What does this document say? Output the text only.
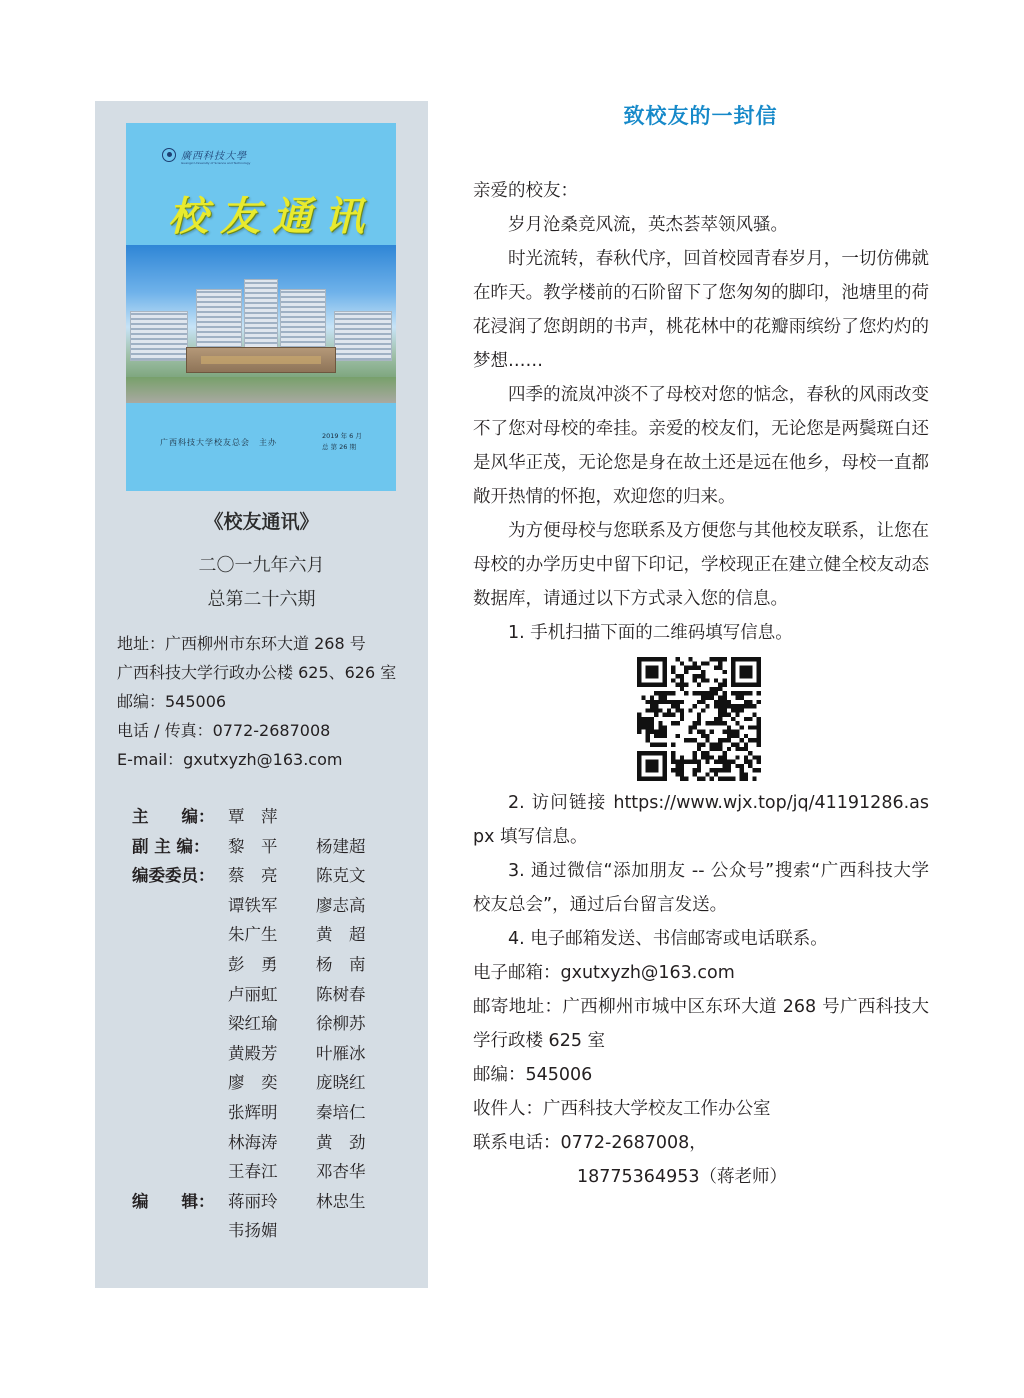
廣西科技大學
Guangxi University of Science and Technology
校友通讯
广西科技大学校友总会　主办
2019 年 6 月
总 第 26 期
《校友通讯》
二〇一九年六月
总第二十六期
地址：广西柳州市东环大道 268 号
广西科技大学行政办公楼 625、626 室
邮编：545006
电话 / 传真：0772-2687008
E-mail：gxutxyzh@163.com
主　　编： 覃　萍
副 主 编：	黎　平	杨建超
编委委员： 蔡　亮	陈克文
谭铁军	廖志高
朱广生	黄　超
彭　勇	杨　南
卢丽虹	陈树春
梁红瑜	徐柳苏
黄殿芳	叶雁冰
廖　奕	庞晓红
张辉明	秦培仁
林海涛	黄　劲
王春江	邓杏华
编　　辑： 蒋丽玲	林忠生
韦扬媚
致校友的一封信

亲爱的校友：

岁月沧桑竞风流，英杰荟萃领风骚。

时光流转，春秋代序，回首校园青春岁月，一切仿佛就在昨天。教学楼前的石阶留下了您匆匆的脚印，池塘里的荷花浸润了您朗朗的书声，桃花林中的花瓣雨缤纷了您灼灼的梦想……

四季的流岚冲淡不了母校对您的惦念，春秋的风雨改变不了您对母校的牵挂。亲爱的校友们，无论您是两鬓斑白还是风华正茂，无论您是身在故土还是远在他乡，母校一直都敞开热情的怀抱，欢迎您的归来。

为方便母校与您联系及方便您与其他校友联系，让您在母校的办学历史中留下印记，学校现正在建立健全校友动态数据库，请通过以下方式录入您的信息。

1. 手机扫描下面的二维码填写信息。

2. 访问链接 https://www.wjx.top/jq/41191286.aspx 填写信息。

3. 通过微信“添加朋友 -- 公众号”搜索“广西科技大学校友总会”，通过后台留言发送。

4. 电子邮箱发送、书信邮寄或电话联系。

电子邮箱：gxutxyzh@163.com

邮寄地址：广西柳州市城中区东环大道 268 号广西科技大学行政楼 625 室

邮编：545006

收件人：广西科技大学校友工作办公室

联系电话：0772-2687008，

18775364953（蒋老师）
